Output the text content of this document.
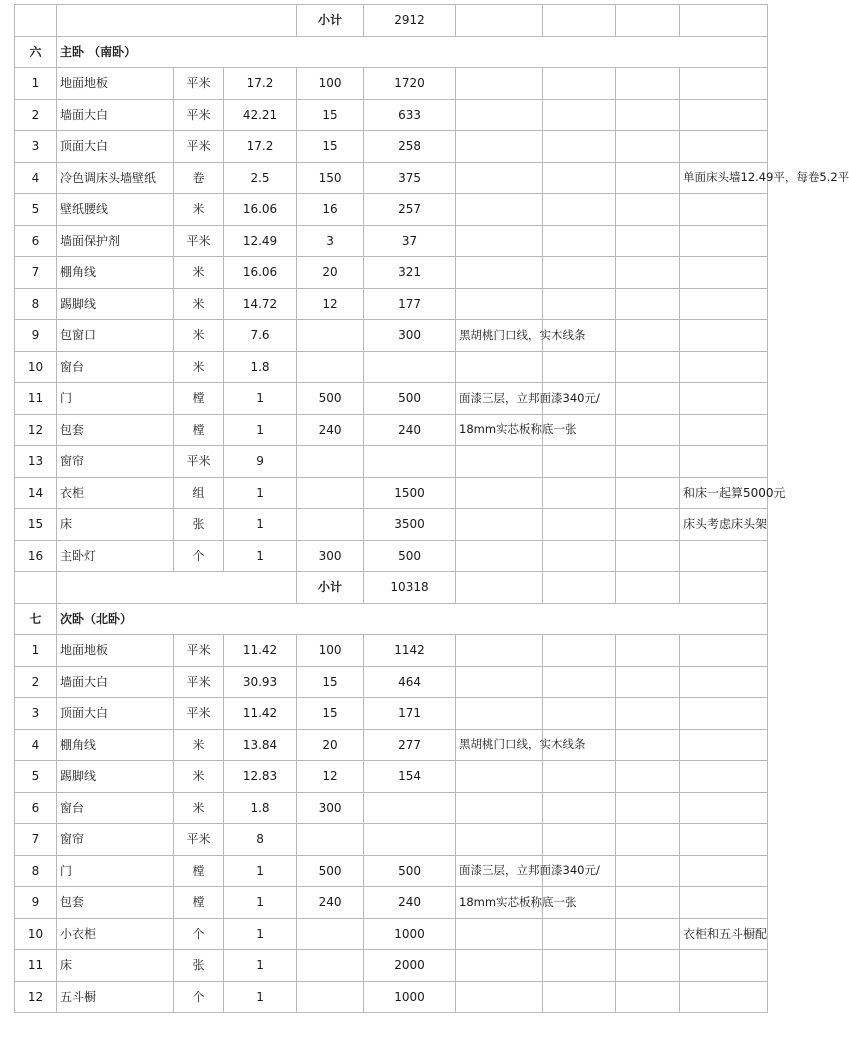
				小计	2912				
六	主卧 （南卧）								
1	地面地板	平米	17.2	100	1720	

2	墙面大白	平米	42.21	15	633	

3	顶面大白	平米	17.2	15	258	

4	冷色调床头墙壁纸	卷	2.5	150	375				单面床头墙12.49平，每卷5.2平

5	壁纸腰线	米	16.06	16	257	

6	墙面保护剂	平米	12.49	3	37	

7	棚角线	米	16.06	20	321	

8	踢脚线	米	14.72	12	177	

9	包窗口	米	7.6		300	黑胡桃门口线，实木线条			

10	窗台	米	1.8			

11	门	樘	1	500	500	面漆三层，立邦面漆340元/			

12	包套	樘	1	240	240	18mm实芯板称底一张			

13	窗帘	平米	9			

14	衣柜	组	1		1500				和床一起算5000元
15	床	张	1		3500				床头考虑床头架
16	主卧灯	个	1	300	500	

				小计	10318				
七	次卧（北卧）								
1	地面地板	平米	11.42	100	1142	

2	墙面大白	平米	30.93	15	464	

3	顶面大白	平米	11.42	15	171	

4	棚角线	米	13.84	20	277	黑胡桃门口线，实木线条			

5	踢脚线	米	12.83	12	154	

6	窗台	米	1.8	300		

7	窗帘	平米	8			

8	门	樘	1	500	500	面漆三层，立邦面漆340元/			

9	包套	樘	1	240	240	18mm实芯板称底一张			

10	小衣柜	个	1		1000				衣柜和五斗橱配
11	床	张	1		2000	

12	五斗橱	个	1		1000	
